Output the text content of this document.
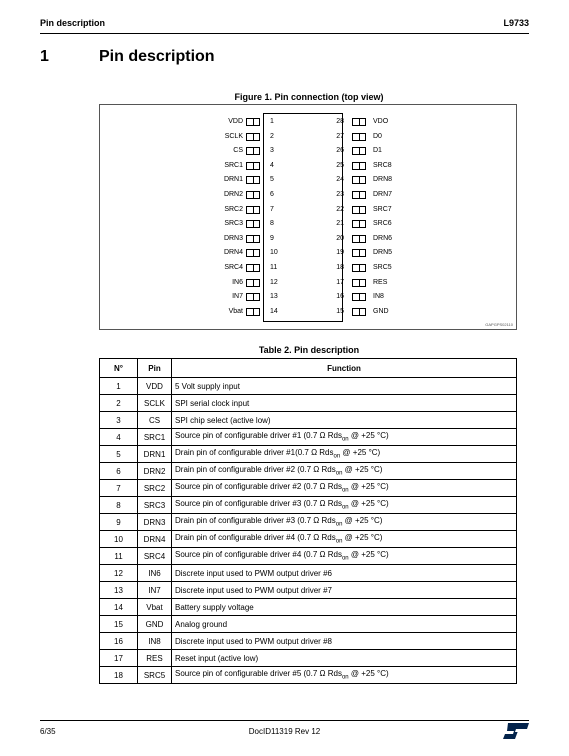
Pin description	L9733
1	Pin description
Figure 1. Pin connection (top view)
VDD	1
SCLK	2
CS	3
SRC1	4
DRN1	5
DRN2	6
SRC2	7
SRC3	8
DRN3	9
DRN4	10
SRC4	11
IN6	12
IN7	13
Vbat	14
28	VDO
27	D0
26	D1
25	SRC8
24	DRN8
23	DRN7
22	SRC7
21	SRC6
20	DRN6
19	DRN5
18	SRC5
17	RES
16	IN8
15	GND
GAPGPS02110
Table 2. Pin description
N°	Pin	Function
1	VDD	5 Volt supply input
2	SCLK	SPI serial clock input
3	CS	SPI chip select (active low)
4	SRC1	Source pin of configurable driver #1 (0.7 Ω Rds$_{on}$ @ +25 °C)
5	DRN1	Drain pin of configurable driver #1(0.7 Ω Rds$_{on}$ @ +25 °C)
6	DRN2	Drain pin of configurable driver #2 (0.7 Ω Rds$_{on}$ @ +25 °C)
7	SRC2	Source pin of configurable driver #2 (0.7 Ω Rds$_{on}$ @ +25 °C)
8	SRC3	Source pin of configurable driver #3 (0.7 Ω Rds$_{on}$ @ +25 °C)
9	DRN3	Drain pin of configurable driver #3 (0.7 Ω Rds$_{on}$ @ +25 °C)
10	DRN4	Drain pin of configurable driver #4 (0.7 Ω Rds$_{on}$ @ +25 °C)
11	SRC4	Source pin of configurable driver #4 (0.7 Ω Rds$_{on}$ @ +25 °C)
12	IN6	Discrete input used to PWM output driver #6
13	IN7	Discrete input used to PWM output driver #7
14	Vbat	Battery supply voltage
15	GND	Analog ground
16	IN8	Discrete input used to PWM output driver #8
17	RES	Reset input (active low)
18	SRC5	Source pin of configurable driver #5 (0.7 Ω Rds$_{on}$ @ +25 °C)
6/35	DocID11319 Rev 12
